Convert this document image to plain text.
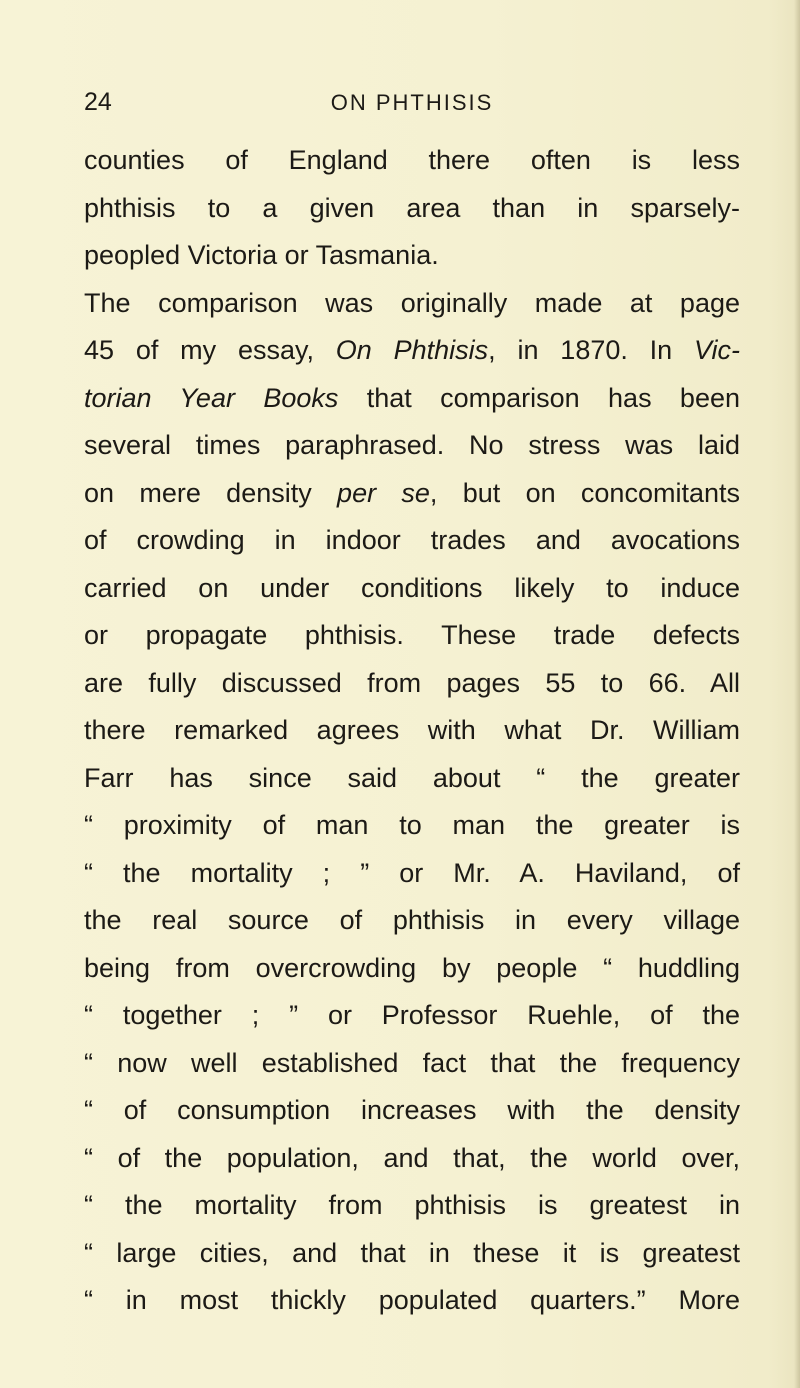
24	ON PHTHISIS
counties of England there often is less
phthisis to a given area than in sparsely-
peopled Victoria or Tasmania.
The comparison was originally made at page
45 of my essay, On Phthisis, in 1870. In Vic-
torian Year Books that comparison has been
several times paraphrased. No stress was laid
on mere density per se, but on concomitants
of crowding in indoor trades and avocations
carried on under conditions likely to induce
or propagate phthisis. These trade defects
are fully discussed from pages 55 to 66. All
there remarked agrees with what Dr. William
Farr has since said about “ the greater
“ proximity of man to man the greater is
“ the mortality ; ” or Mr. A. Haviland, of
the real source of phthisis in every village
being from overcrowding by people “ huddling
“ together ; ” or Professor Ruehle, of the
“ now well established fact that the frequency
“ of consumption increases with the density
“ of the population, and that, the world over,
“ the mortality from phthisis is greatest in
“ large cities, and that in these it is greatest
“ in most thickly populated quarters.” More
